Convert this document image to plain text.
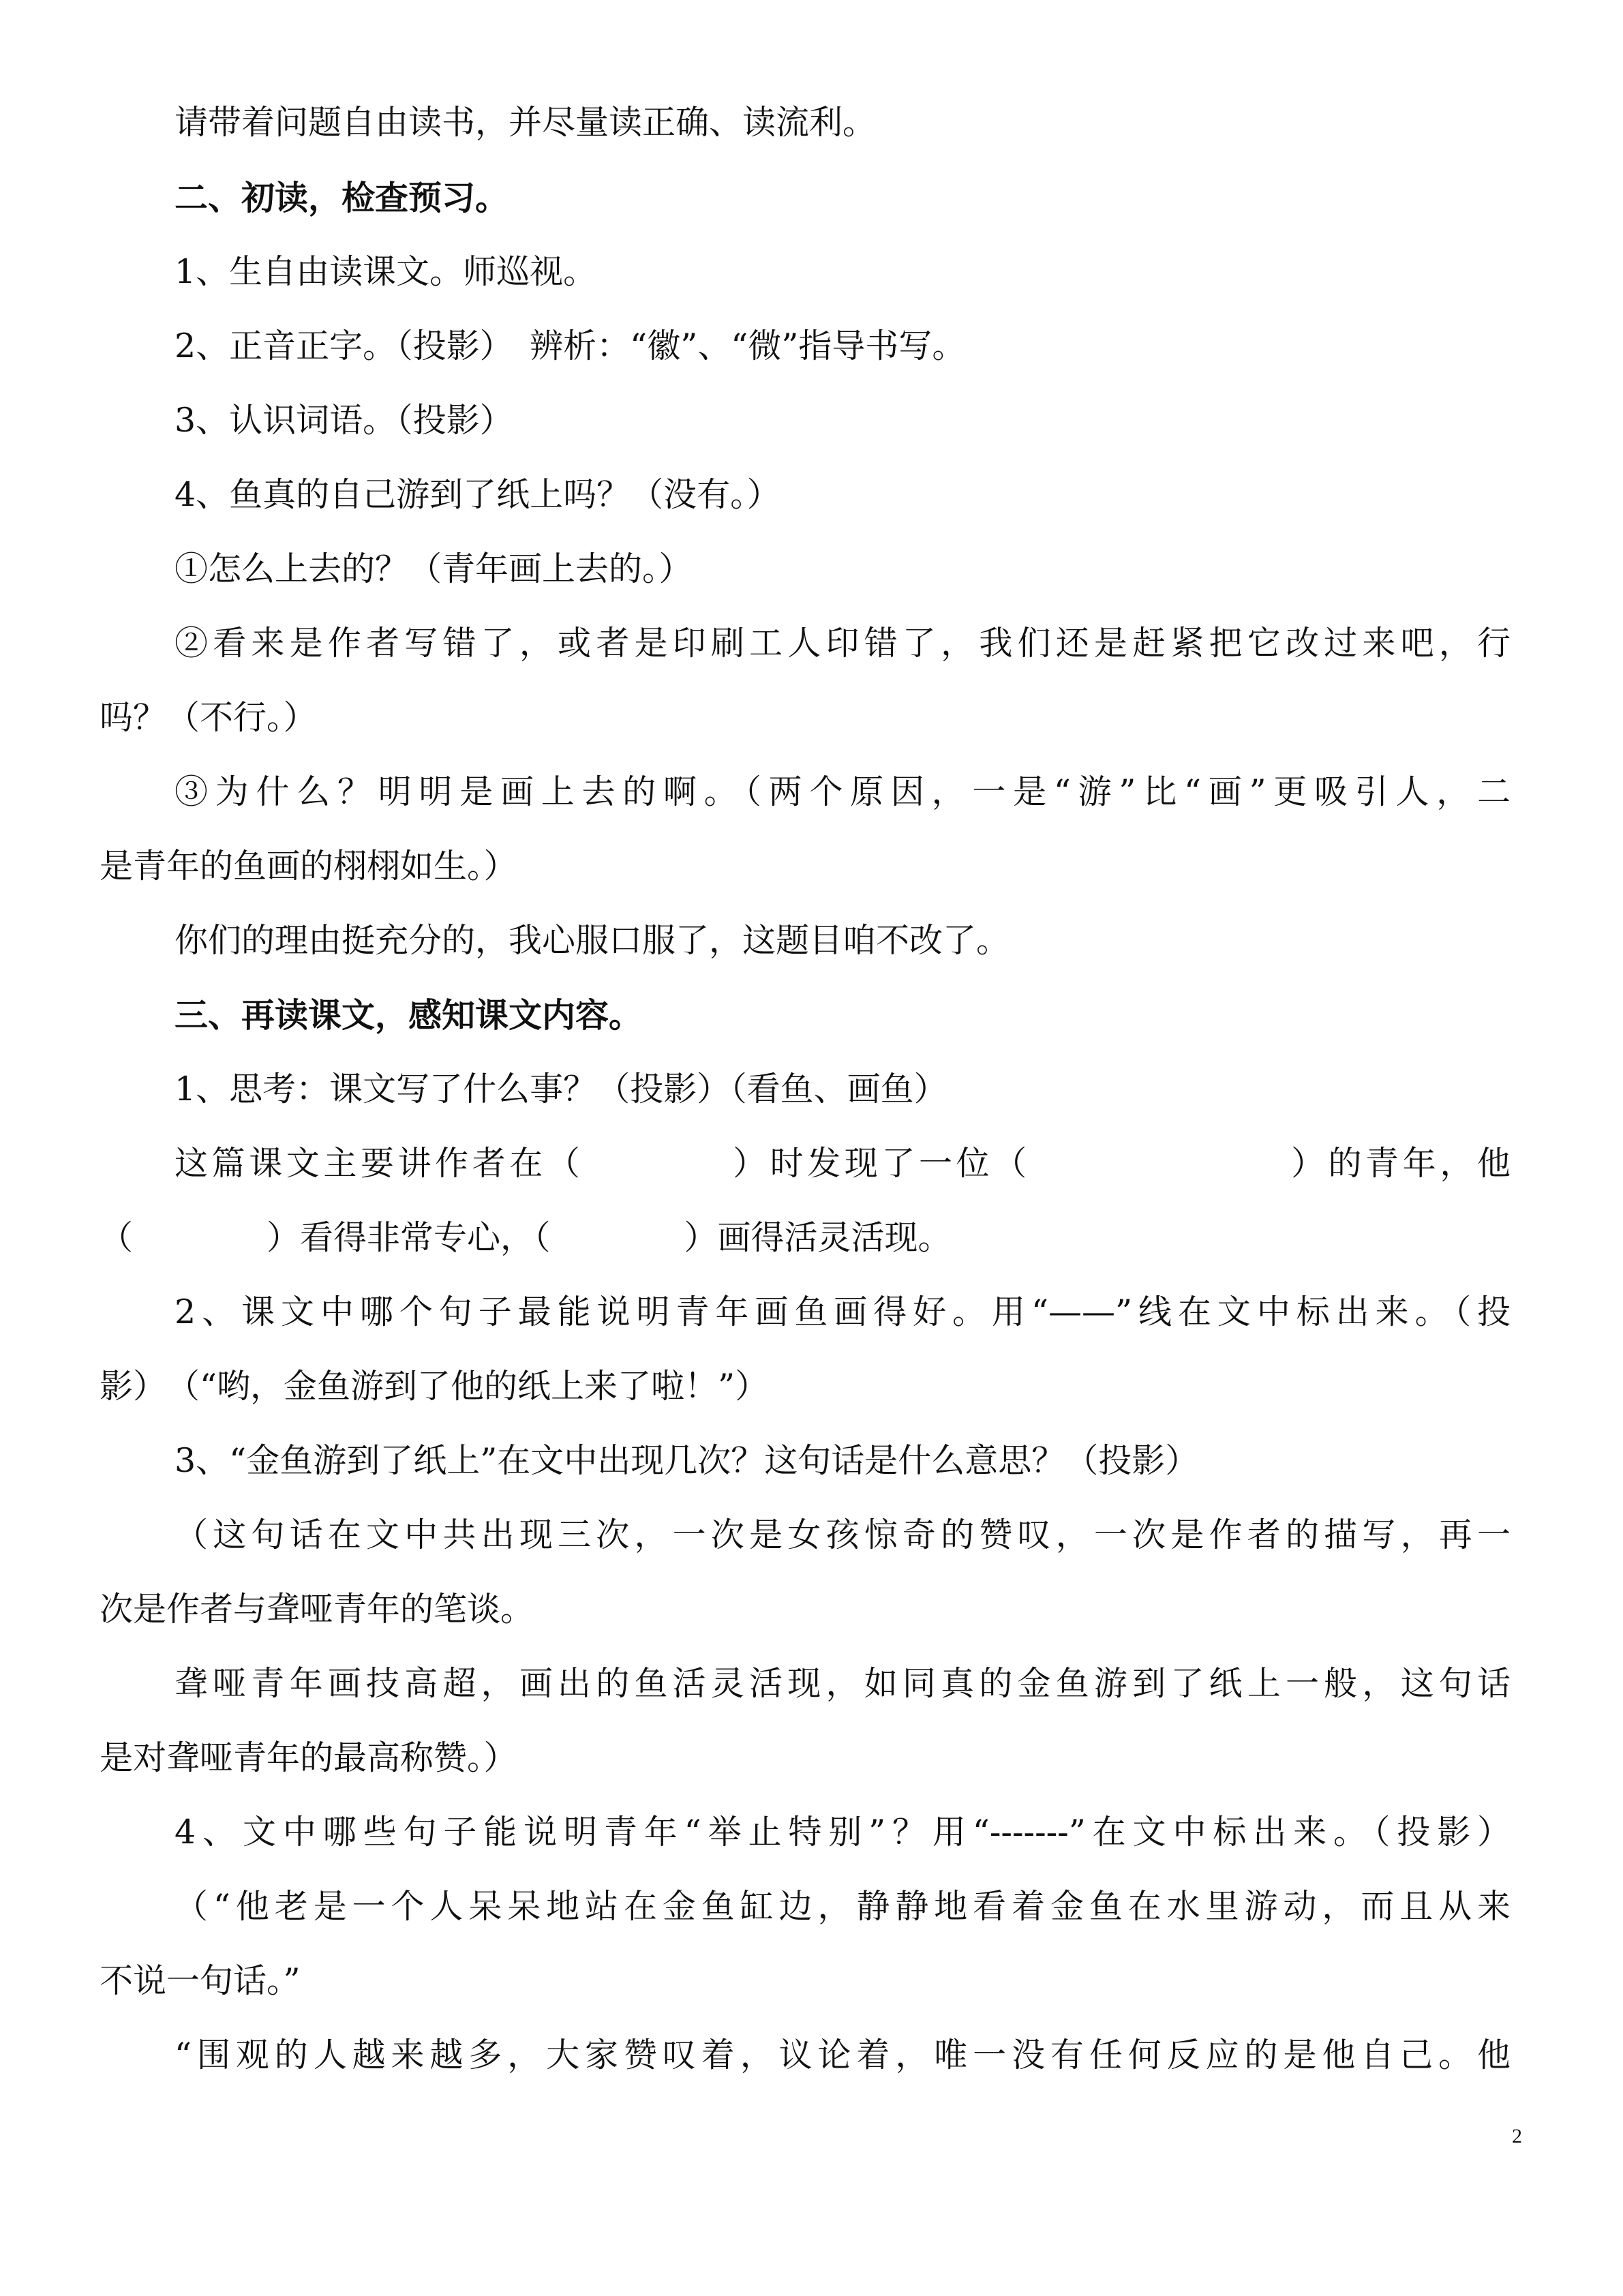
请带着问题自由读书，并尽量读正确、读流利。
二、初读，检查预习。
1、生自由读课文。师巡视。
2、正音正字。（投影）　辨析：“徽”、“微”指导书写。
3、认识词语。（投影）
4、鱼真的自己游到了纸上吗？（没有。）
①怎么上去的？（青年画上去的。）
②看来是作者写错了，或者是印刷工人印错了，我们还是赶紧把它改过来吧，行
吗？（不行。）
③为什么？明明是画上去的啊。（两个原因，一是“游”比“画”更吸引人，二
是青年的鱼画的栩栩如生。）
你们的理由挺充分的，我心服口服了，这题目咱不改了。
三、再读课文，感知课文内容。
1、思考：课文写了什么事？（投影）（看鱼、画鱼）
这篇课文主要讲作者在（　　　　）时发现了一位（　　　　　　　）的青年，他
（　　　　）看得非常专心，（　　　　）画得活灵活现。
2、课文中哪个句子最能说明青年画鱼画得好。用“——”线在文中标出来。（投
影）　（“哟，金鱼游到了他的纸上来了啦！”）
3、“金鱼游到了纸上”在文中出现几次？这句话是什么意思？（投影）
（这句话在文中共出现三次，一次是女孩惊奇的赞叹，一次是作者的描写，再一
次是作者与聋哑青年的笔谈。
聋哑青年画技高超，画出的鱼活灵活现，如同真的金鱼游到了纸上一般，这句话
是对聋哑青年的最高称赞。）
4、文中哪些句子能说明青年“举止特别”？用“-------”在文中标出来。（投影）
（“他老是一个人呆呆地站在金鱼缸边，静静地看着金鱼在水里游动，而且从来
不说一句话。”
“围观的人越来越多，大家赞叹着，议论着，唯一没有任何反应的是他自己。他
2
